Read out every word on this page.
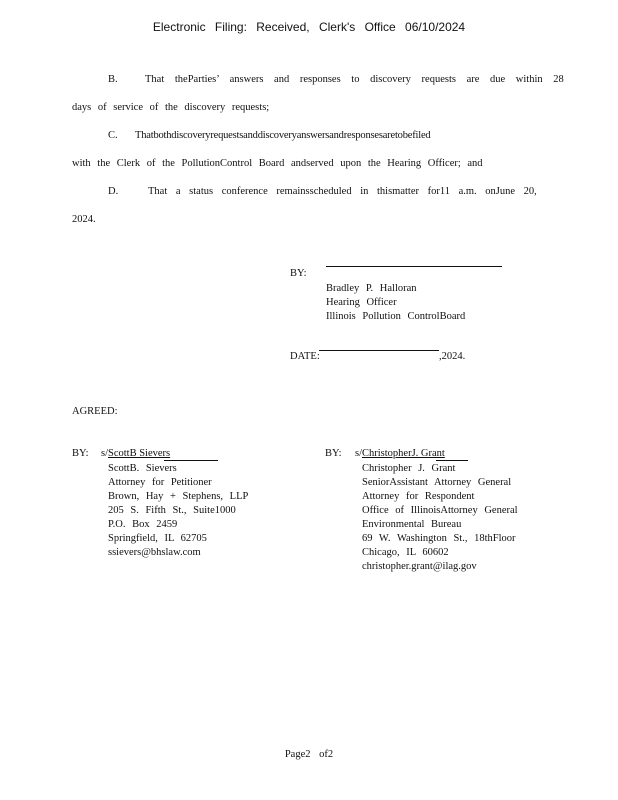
Electronic Filing: Received, Clerk's Office 06/10/2024
B.	That theParties’ answers and responses to discovery requests are due within 28
days of service of the discovery requests;
C. Thatbothdiscoveryrequestsanddiscoveryanswersandresponsesaretobefiled
with the Clerk of the PollutionControl Board andserved upon the Hearing Officer; and
D.	That a status conference remainsscheduled in thismatter for11 a.m. onJune 20,
2024.
BY:
Bradley P. Halloran
Hearing Officer
Illinois Pollution ControlBoard
DATE:	,2024.
AGREED:
BY: s/ ScottB Sievers
ScottB. Sievers
Attorney for Petitioner
Brown, Hay + Stephens, LLP
205 S. Fifth St., Suite1000
P.O. Box 2459
Springfield, IL 62705
ssievers@bhslaw.com
BY: s/ ChristopherJ. Grant
Christopher J. Grant
SeniorAssistant Attorney General
Attorney for Respondent
Office of IllinoisAttorney General
Environmental Bureau
69 W. Washington St., 18thFloor
Chicago, IL 60602
christopher.grant@ilag.gov
Page2 of2
